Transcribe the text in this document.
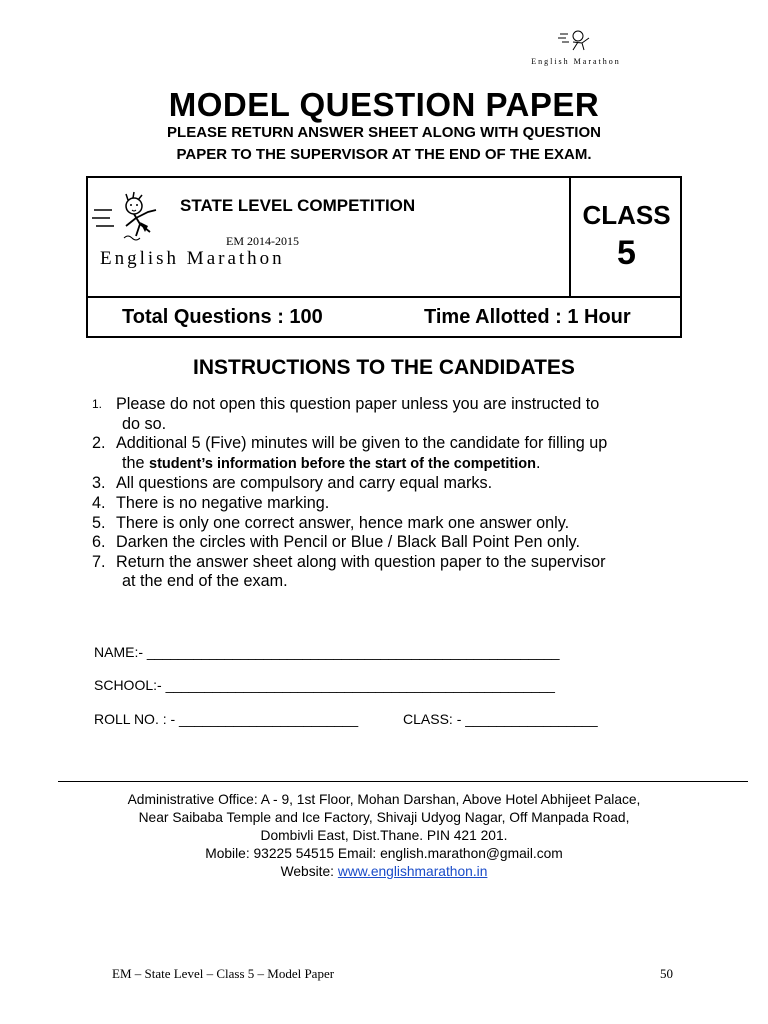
English Marathon
MODEL QUESTION PAPER
PLEASE RETURN ANSWER SHEET ALONG WITH QUESTION
PAPER TO THE SUPERVISOR AT THE END OF THE EXAM.
STATE LEVEL COMPETITION
EM 2014-2015
English Marathon
CLASS
5
Total Questions : 100	Time Allotted : 1 Hour
INSTRUCTIONS TO THE CANDIDATES
1. Please do not open this question paper unless you are instructed to
do so.
2. Additional 5 (Five) minutes will be given to the candidate for filling up
the student’s information before the start of the competition.
3. All questions are compulsory and carry equal marks.
4. There is no negative marking.
5. There is only one correct answer, hence mark one answer only.
6. Darken the circles with Pencil or Blue / Black Ball Point Pen only.
7. Return the answer sheet along with question paper to the supervisor
at the end of the exam.
NAME:- _____________________________________________________
SCHOOL:- __________________________________________________
ROLL NO. : - _______________________	CLASS: - _________________
Administrative Office: A - 9, 1st Floor, Mohan Darshan, Above Hotel Abhijeet Palace,
Near Saibaba Temple and Ice Factory, Shivaji Udyog Nagar, Off Manpada Road,
Dombivli East, Dist.Thane. PIN 421 201.
Mobile: 93225 54515 Email: english.marathon@gmail.com
Website: www.englishmarathon.in
EM – State Level – Class 5 – Model Paper	50
